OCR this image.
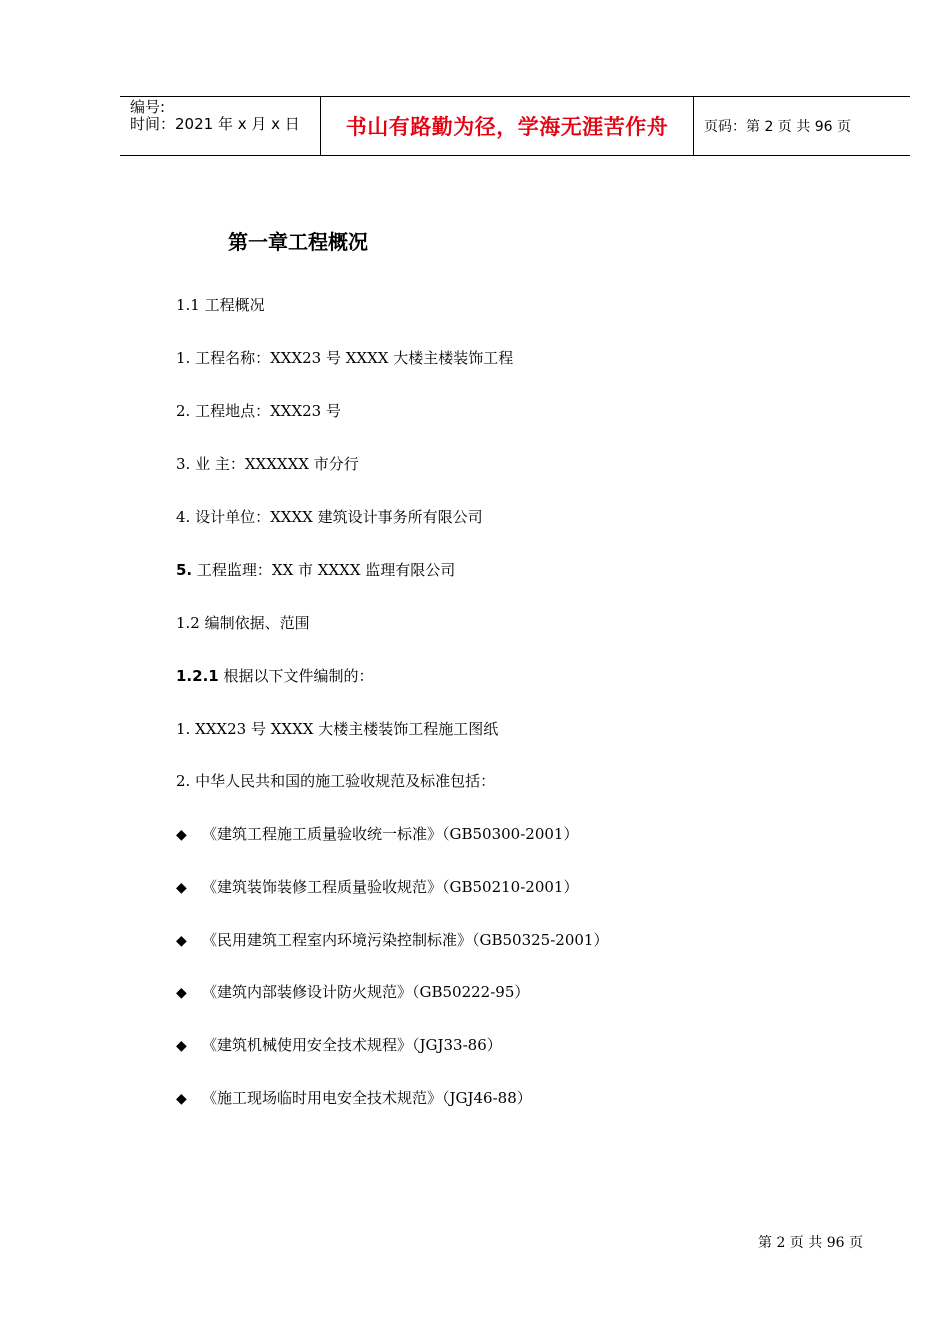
编号:
时间：2021 年 x 月 x 日	书山有路勤为径，学海无涯苦作舟	页码：第 2 页 共 96 页
第一章工程概况

1.1 工程概况

1. 工程名称：XXX23 号 XXXX 大楼主楼装饰工程

2. 工程地点：XXX23 号

3. 业 主：XXXXXX 市分行

4. 设计单位：XXXX 建筑设计事务所有限公司

5. 工程监理：XX 市 XXXX 监理有限公司

1.2 编制依据、范围

1.2.1 根据以下文件编制的：

1. XXX23 号 XXXX 大楼主楼装饰工程施工图纸

2. 中华人民共和国的施工验收规范及标准包括：

◆ 《建筑工程施工质量验收统一标准》（GB50300-2001）

◆ 《建筑装饰装修工程质量验收规范》（GB50210-2001）

◆ 《民用建筑工程室内环境污染控制标准》（GB50325-2001）

◆ 《建筑内部装修设计防火规范》（GB50222-95）

◆ 《建筑机械使用安全技术规程》（JGJ33-86）

◆ 《施工现场临时用电安全技术规范》（JGJ46-88）

第 2 页 共 96 页
